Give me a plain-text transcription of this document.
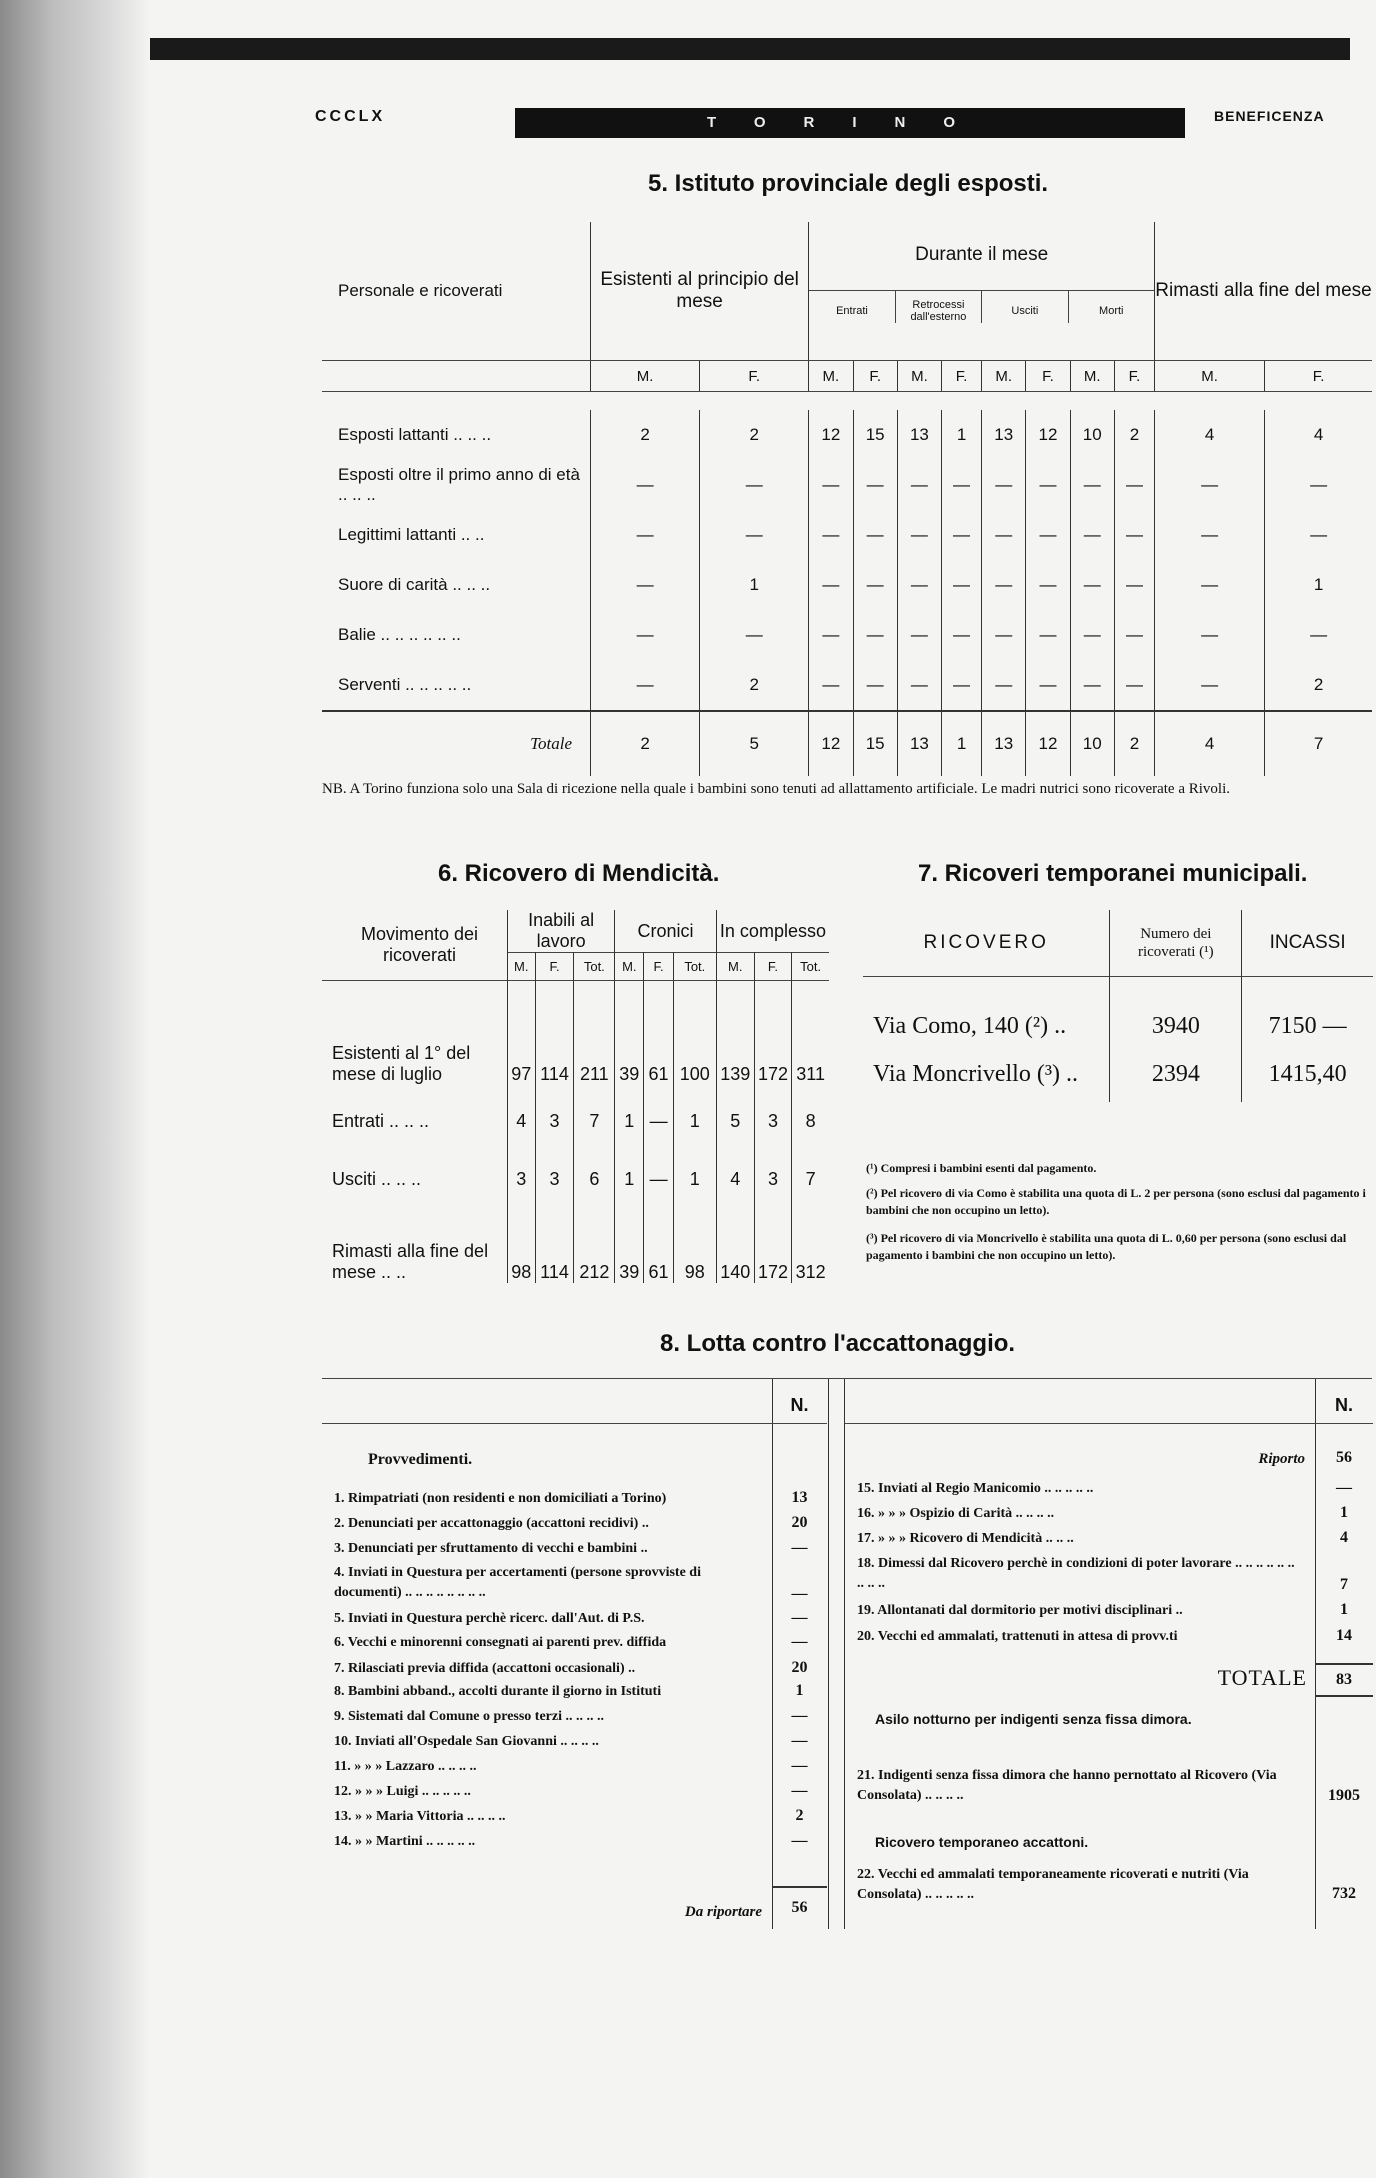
CCCLX	TORINO	BENEFICENZA
5. Istituto provinciale degli esposti.
Personale e ricoverati	Esistenti al principio del mese		Durante il mese
Entrati Retrocessi dall'esterno Usciti Morti								Rimasti alla fine del mese	
	M.	F.	M.	F.	M.	F.	M.	F.	M.	F.	M.	F.

Esposti lattanti .. .. ..	2	2	12	15	13	1	13	12	10	2	4	4
Esposti oltre il primo anno di età .. .. ..	—	—	—	—	—	—	—	—	—	—	—	—
Legittimi lattanti .. ..	—	—	—	—	—	—	—	—	—	—	—	—
Suore di carità .. .. ..	—	1	—	—	—	—	—	—	—	—	—	1
Balie .. .. .. .. .. ..	—	—	—	—	—	—	—	—	—	—	—	—
Serventi .. .. .. .. ..	—	2	—	—	—	—	—	—	—	—	—	2
Totale	2	5	12	15	13	1	13	12	10	2	4	7
NB. A Torino funziona solo una Sala di ricezione nella quale i bambini sono tenuti ad allattamento artificiale. Le madri nutrici sono ricoverate a Rivoli.
6. Ricovero di Mendicità.
Movimento dei ricoverati	Inabili al lavoro			Cronici			In complesso		
	M.	F.	Tot.	M.	F.	Tot.	M.	F.	Tot.
Esistenti al 1° del mese di luglio	97	114	211	39	61	100	139	172	311
Entrati .. .. ..	4	3	7	1	—	1	5	3	8
Usciti .. .. ..	3	3	6	1	—	1	4	3	7
Rimasti alla fine del mese .. ..	98	114	212	39	61	98	140	172	312
7. Ricoveri temporanei municipali.
RICOVERO	Numero dei ricoverati (¹)	INCASSI
Via Como, 140 (²) ..	3940	7150 —
Via Moncrivello (³) ..	2394	1415,40
(¹) Compresi i bambini esenti dal pagamento.
(²) Pel ricovero di via Como è stabilita una quota di L. 2 per persona (sono esclusi dal pagamento i bambini che non occupino un letto).
(³) Pel ricovero di via Moncrivello è stabilita una quota di L. 0,60 per persona (sono esclusi dal pagamento i bambini che non occupino un letto).
8. Lotta contro l'accattonaggio.
N.
Provvedimenti.
1. Rimpatriati (non residenti e non domiciliati a Torino)	13
2. Denunciati per accattonaggio (accattoni recidivi) ..	20
3. Denunciati per sfruttamento di vecchi e bambini ..	—
4. Inviati in Questura per accertamenti (persone sprovviste di documenti) .. .. .. .. .. .. .. ..	—
5. Inviati in Questura perchè ricerc. dall'Aut. di P.S.	—
6. Vecchi e minorenni consegnati ai parenti prev. diffida	—
7. Rilasciati previa diffida (accattoni occasionali) ..	20
8. Bambini abband., accolti durante il giorno in Istituti	1
9. Sistemati dal Comune o presso terzi .. .. .. ..	—
10. Inviati all'Ospedale San Giovanni .. .. .. ..	—
11. » » » Lazzaro .. .. .. ..	—
12. » » » Luigi .. .. .. .. ..	—
13. » » Maria Vittoria .. .. .. ..	2
14. » » Martini .. .. .. .. ..	—
Da riportare	56
N.
Riporto	56
15. Inviati al Regio Manicomio .. .. .. .. ..	—
16. » » » Ospizio di Carità .. .. .. ..	1
17. » » » Ricovero di Mendicità .. .. ..	4
18. Dimessi dal Ricovero perchè in condizioni di poter lavorare .. .. .. .. .. .. .. .. ..	7
19. Allontanati dal dormitorio per motivi disciplinari ..	1
20. Vecchi ed ammalati, trattenuti in attesa di provv.ti	14
TOTALE	83
Asilo notturno per indigenti senza fissa dimora.
21. Indigenti senza fissa dimora che hanno pernottato al Ricovero (Via Consolata) .. .. .. ..	1905
Ricovero temporaneo accattoni.
22. Vecchi ed ammalati temporaneamente ricoverati e nutriti (Via Consolata) .. .. .. .. ..	732
